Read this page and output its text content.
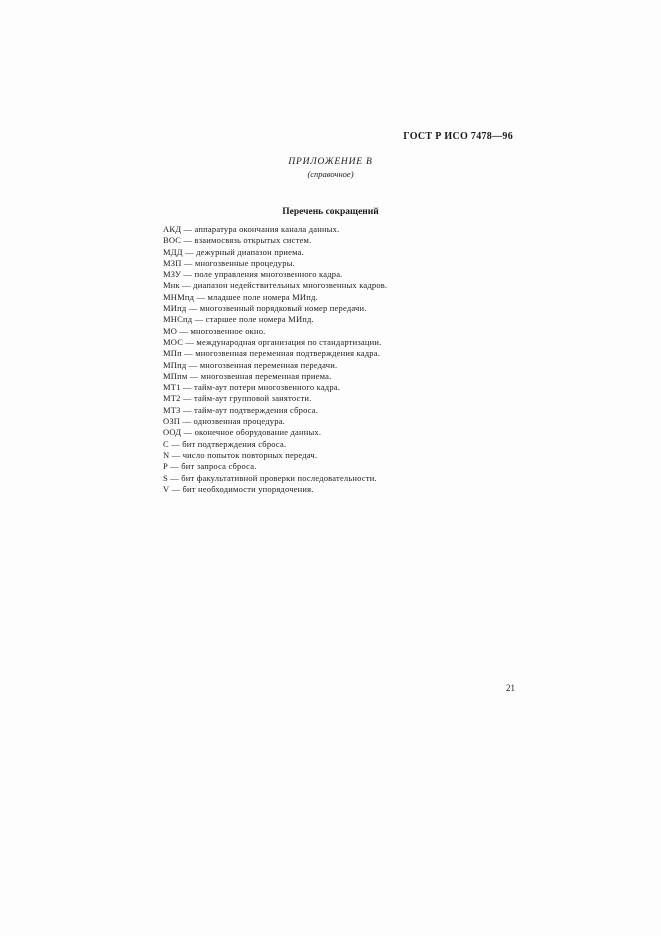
ГОСТ Р ИСО 7478—96
ПРИЛОЖЕНИЕ В
(справочное)
Перечень сокращений
АКД — аппаратура окончания канала данных.
ВОС — взаимосвязь открытых систем.
МДД — дежурный диапазон приема.
МЗП — многозвенные процедуры.
МЗУ — поле управления многозвенного кадра.
Мнк — диапазон недействительных многозвенных кадров.
МНМпд — младшее поле номера МИпд.
МИпд — многозвенный порядковый номер передачи.
МНСпд — старшее поле номера МИпд.
МО — многозвенное окно.
МОС — международная организация по стандартизации.
МПп — многозвенная переменная подтверждения кадра.
МПпд — многозвенная переменная передачи.
МПпм — многозвенная переменная приема.
МТ1 — тайм-аут потери многозвенного кадра.
МТ2 — тайм-аут групповой занятости.
МТ3 — тайм-аут подтверждения сброса.
ОЗП — однозвенная процедура.
ООД — оконечное оборудование данных.
С — бит подтверждения сброса.
N — число попыток повторных передач.
Р — бит запроса сброса.
S — бит факультативной проверки последовательности.
V — бит необходимости упорядочения.
21
